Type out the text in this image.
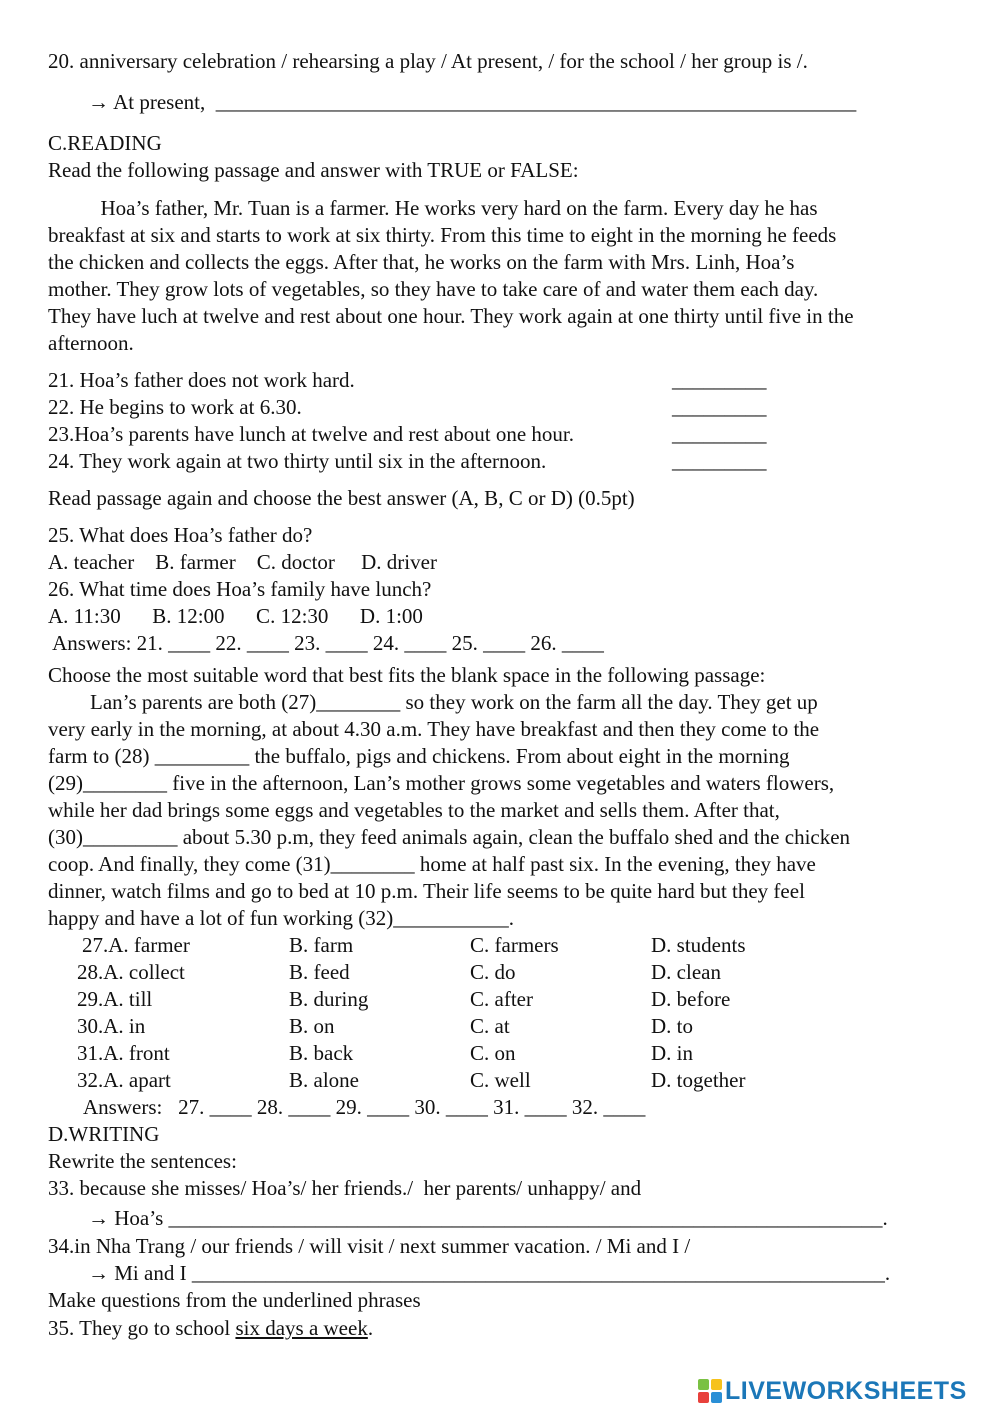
20. anniversary celebration / rehearsing a play / At present, / for the school / her group is /.
→ At present,  _____________________________________________________________
C.READING
Read the following passage and answer with TRUE or FALSE:
Hoa’s father, Mr. Tuan is a farmer. He works very hard on the farm. Every day he has
breakfast at six and starts to work at six thirty. From this time to eight in the morning he feeds
the chicken and collects the eggs. After that, he works on the farm with Mrs. Linh, Hoa’s
mother. They grow lots of vegetables, so they have to take care of and water them each day.
They have luch at twelve and rest about one hour. They work again at one thirty until five in the
afternoon.
21. Hoa’s father does not work hard.	_________
22. He begins to work at 6.30.	_________
23.Hoa’s parents have lunch at twelve and rest about one hour.	_________
24. They work again at two thirty until six in the afternoon.	_________
Read passage again and choose the best answer (A, B, C or D) (0.5pt)
25. What does Hoa’s father do?
A. teacher    B. farmer    C. doctor     D. driver
26. What time does Hoa’s family have lunch?
A. 11:30      B. 12:00      C. 12:30      D. 1:00
Answers: 21. ____ 22. ____ 23. ____ 24. ____ 25. ____ 26. ____
Choose the most suitable word that best fits the blank space in the following passage:
Lan’s parents are both (27)________ so they work on the farm all the day. They get up
very early in the morning, at about 4.30 a.m. They have breakfast and then they come to the
farm to (28) _________ the buffalo, pigs and chickens. From about eight in the morning
(29)________ five in the afternoon, Lan’s mother grows some vegetables and waters flowers,
while her dad brings some eggs and vegetables to the market and sells them. After that,
(30)_________ about 5.30 p.m, they feed animals again, clean the buffalo shed and the chicken
coop. And finally, they come (31)________ home at half past six. In the evening, they have
dinner, watch films and go to bed at 10 p.m. Their life seems to be quite hard but they feel
happy and have a lot of fun working (32)___________.
27.A. farmer	B. farm	C. farmers	D. students
28.A. collect	B. feed	C. do	D. clean
29.A. till	B. during	C. after	D. before
30.A. in	B. on	C. at	D. to
31.A. front	B. back	C. on	D. in
32.A. apart	B. alone	C. well	D. together
Answers:   27. ____ 28. ____ 29. ____ 30. ____ 31. ____ 32. ____
D.WRITING
Rewrite the sentences:
33. because she misses/ Hoa’s/ her friends./  her parents/ unhappy/ and
→ Hoa’s ____________________________________________________________________.
34.in Nha Trang / our friends / will visit / next summer vacation. / Mi and I /
→ Mi and I __________________________________________________________________.
Make questions from the underlined phrases
35. They go to school six days a week.
LIVEWORKSHEETS
